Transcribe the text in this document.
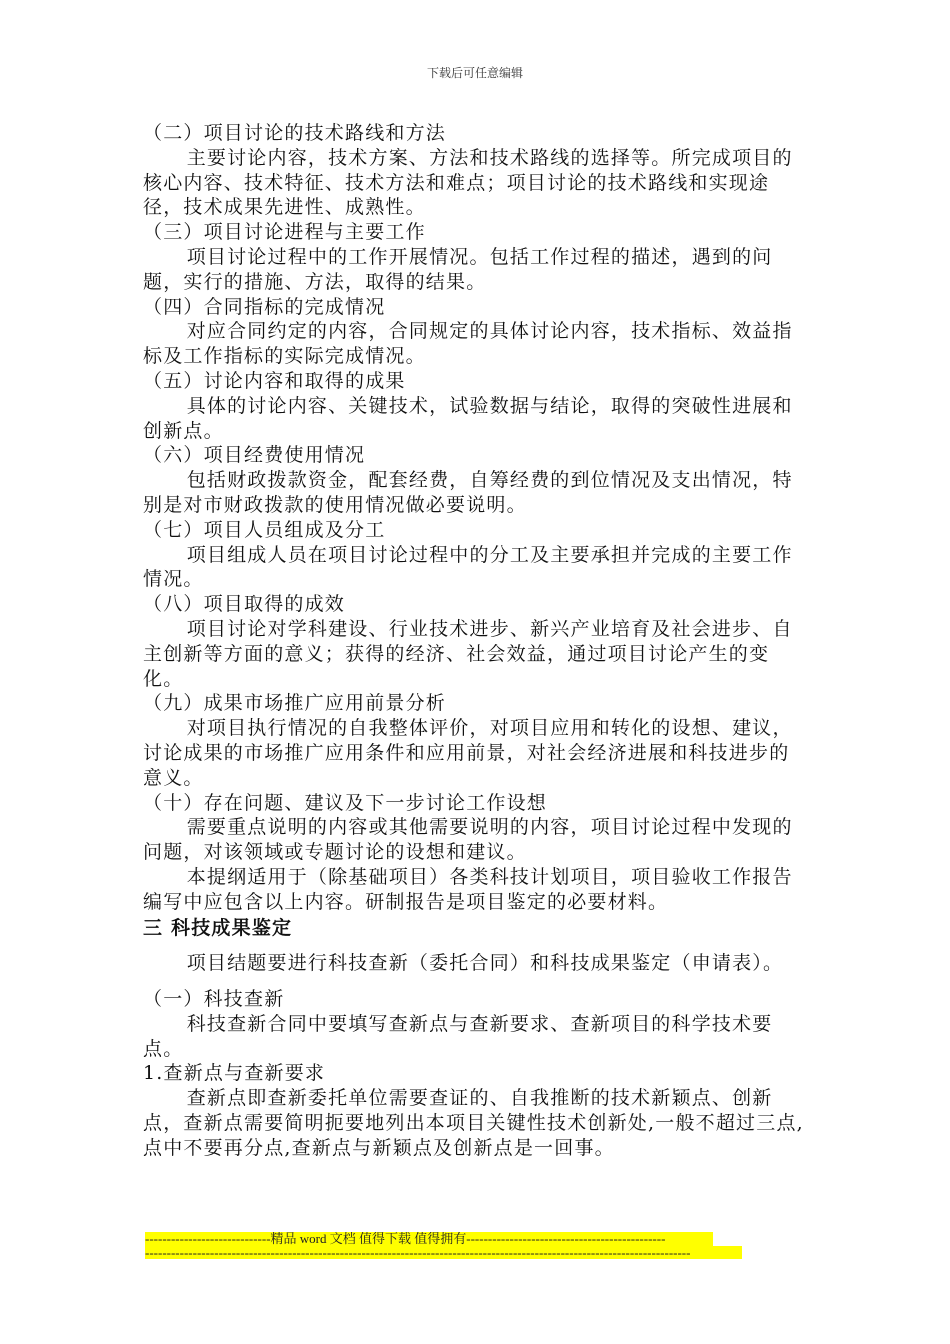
下载后可任意编辑

（二）项目讨论的技术路线和方法

主要讨论内容，技术方案、方法和技术路线的选择等。所完成项目的核心内容、技术特征、技术方法和难点；项目讨论的技术路线和实现途径，技术成果先进性、成熟性。

（三）项目讨论进程与主要工作

项目讨论过程中的工作开展情况。包括工作过程的描述，遇到的问题，实行的措施、方法，取得的结果。

（四）合同指标的完成情况

对应合同约定的内容，合同规定的具体讨论内容，技术指标、效益指标及工作指标的实际完成情况。

（五）讨论内容和取得的成果

具体的讨论内容、关键技术，试验数据与结论，取得的突破性进展和创新点。

（六）项目经费使用情况

包括财政拨款资金，配套经费，自筹经费的到位情况及支出情况，特别是对市财政拨款的使用情况做必要说明。

（七）项目人员组成及分工

项目组成人员在项目讨论过程中的分工及主要承担并完成的主要工作情况。

（八）项目取得的成效

项目讨论对学科建设、行业技术进步、新兴产业培育及社会进步、自主创新等方面的意义；获得的经济、社会效益，通过项目讨论产生的变化。

（九）成果市场推广应用前景分析

对项目执行情况的自我整体评价，对项目应用和转化的设想、建议，讨论成果的市场推广应用条件和应用前景，对社会经济进展和科技进步的意义。

（十）存在问题、建议及下一步讨论工作设想

需要重点说明的内容或其他需要说明的内容，项目讨论过程中发现的问题，对该领域或专题讨论的设想和建议。

本提纲适用于（除基础项目）各类科技计划项目，项目验收工作报告编写中应包含以上内容。研制报告是项目鉴定的必要材料。

三 科技成果鉴定

项目结题要进行科技查新（委托合同）和科技成果鉴定（申请表）。

（一）科技查新

科技查新合同中要填写查新点与查新要求、查新项目的科学技术要点。

1.查新点与查新要求

查新点即查新委托单位需要查证的、自我推断的技术新颖点、创新点，查新点需要简明扼要地列出本项目关键性技术创新处,一般不超过三点,点中不要再分点,查新点与新颖点及创新点是一回事。

-----------------------------精品 word 文档 值得下载 值得拥有----------------------------------------------
------------------------------------------------------------------------------------------------------------------------------
